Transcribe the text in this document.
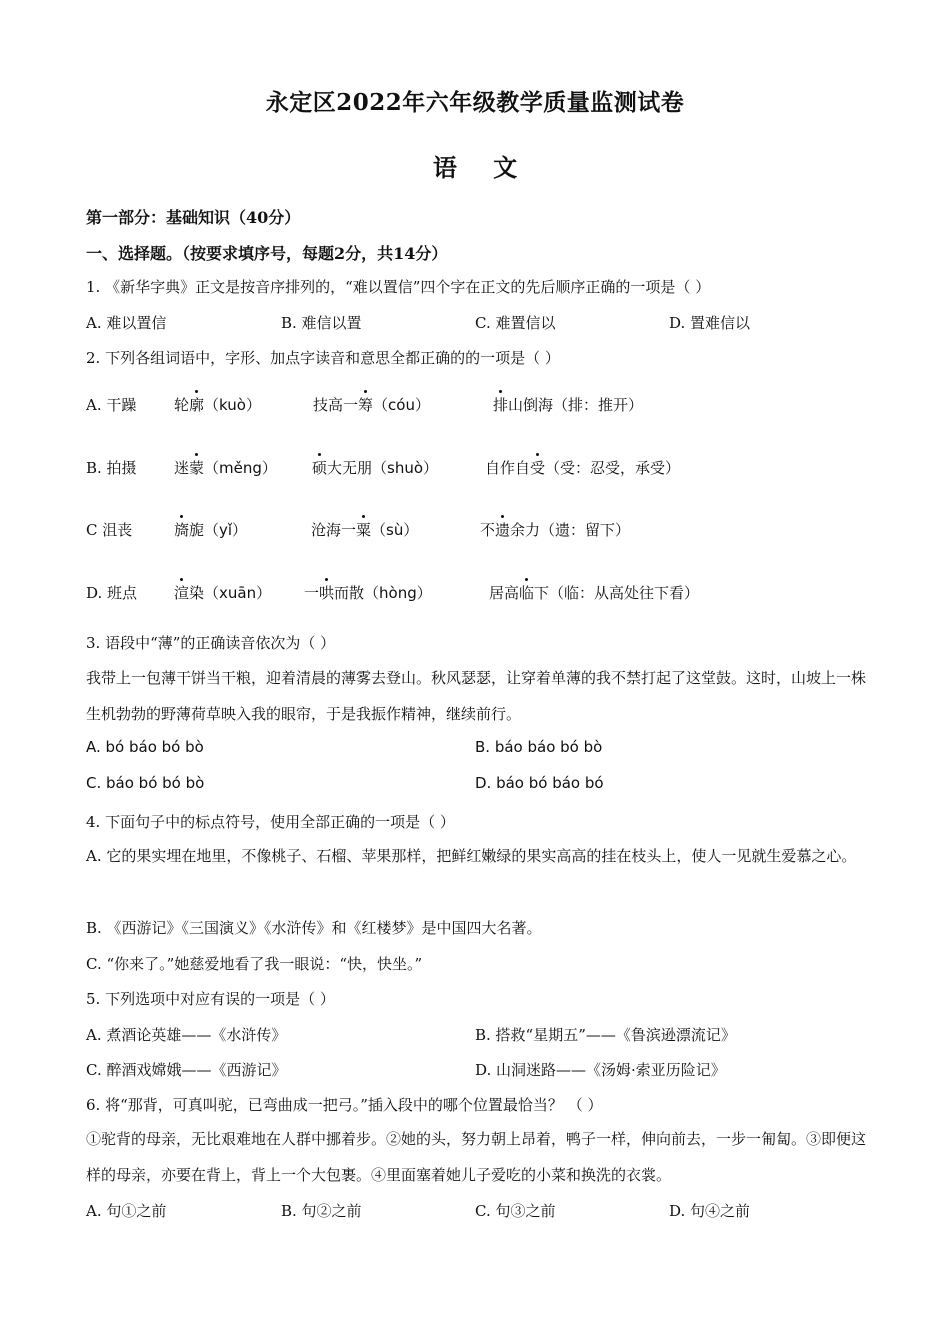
永定区2022年六年级教学质量监测试卷
语 文
第一部分：基础知识（40分）
一、选择题。（按要求填序号，每题2分，共14分）
1. 《新华字典》正文是按音序排列的，“难以置信”四个字在正文的先后顺序正确的一项是（ ）
A. 难以置信	B. 难信以置	C. 难置信以	D. 置难信以
2. 下列各组词语中，字形、加点字读音和意思全都正确的的一项是（ ）
A. 干躁	轮廓（kuò）	技高一筹（cóu）	排山倒海（排：推开）
B. 拍摄 迷蒙（měng） 硕大无朋（shuò）	自作自受（受：忍受，承受）
C 沮丧	旖旎（yǐ）	沧海一粟（sù）	不遗余力（遗：留下）
D. 班点 渲染（xuān） 一哄而散（hòng）	居高临下（临：从高处往下看）
3. 语段中“薄”的正确读音依次为（ ）
我带上一包薄干饼当干粮，迎着清晨的薄雾去登山。秋风瑟瑟，让穿着单薄的我不禁打起了这堂鼓。这时，山坡上一株生机勃勃的野薄荷草映入我的眼帘，于是我振作精神，继续前行。
A. bó báo bó bò	B. báo báo bó bò
C. báo bó bó bò	D. báo bó báo bó
4. 下面句子中的标点符号，使用全部正确的一项是（ ）
A. 它的果实埋在地里，不像桃子、石榴、苹果那样，把鲜红嫩绿的果实高高的挂在枝头上，使人一见就生爱慕之心。
B. 《西游记》《三国演义》《水浒传》和《红楼梦》是中国四大名著。
C. “你来了。”她慈爱地看了我一眼说：“快，快坐。”
5. 下列选项中对应有误的一项是（ ）
A. 煮酒论英雄——《水浒传》	B. 搭救“星期五”——《鲁滨逊漂流记》
C. 醉酒戏嫦娥——《西游记》	D. 山洞迷路——《汤姆·索亚历险记》
6. 将“那背，可真叫驼，已弯曲成一把弓。”插入段中的哪个位置最恰当？ （ ）
①驼背的母亲，无比艰难地在人群中挪着步。②她的头，努力朝上昂着，鸭子一样，伸向前去，一步一匍匐。③即便这样的母亲，亦要在背上，背上一个大包裹。④里面塞着她儿子爱吃的小菜和换洗的衣裳。
A. 句①之前	B. 句②之前	C. 句③之前	D. 句④之前
